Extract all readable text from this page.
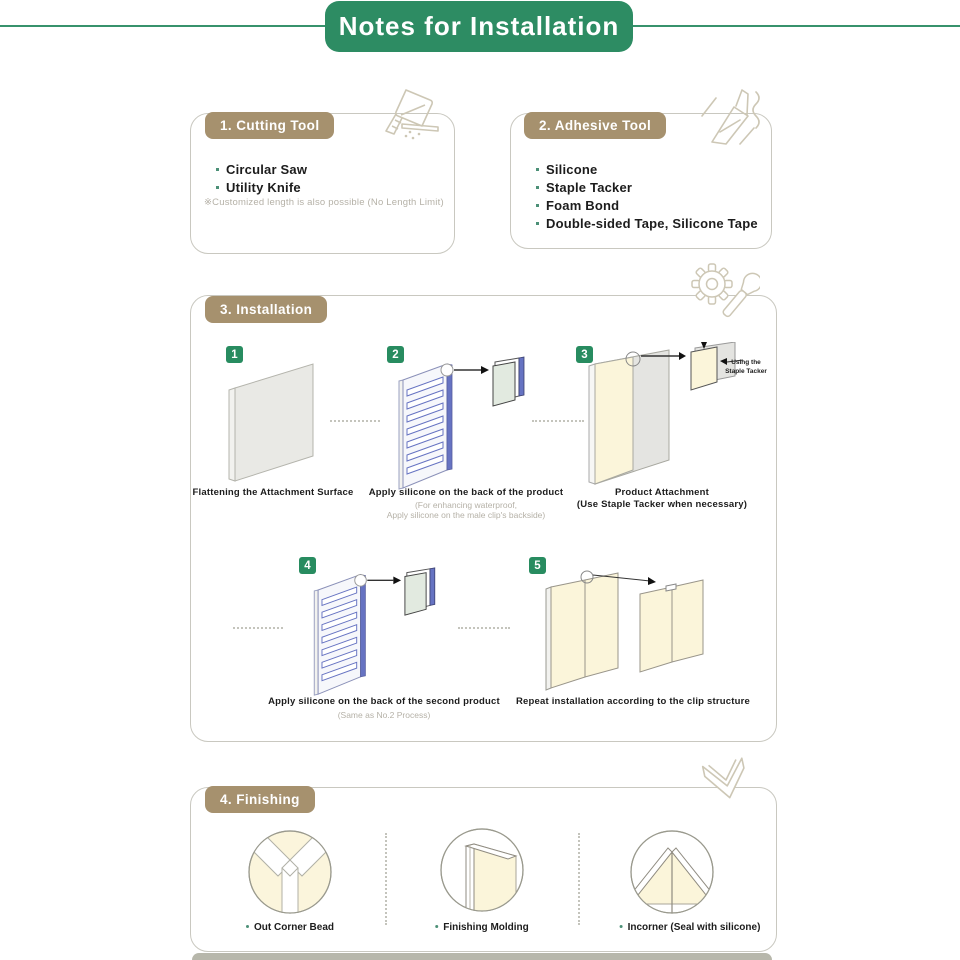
Notes for Installation
1. Cutting Tool
Circular Saw
Utility Knife
※Customized length is also possible (No Length Limit)
2. Adhesive Tool
Silicone
Staple Tacker
Foam Bond
Double-sided Tape, Silicone Tape
3. Installation
1	2	3
4	5
Using the
Staple Tacker
Flattening the Attachment Surface Apply silicone on the back of the product
(For enhancing waterproof,
Apply silicone on the male clip's backside)
Product Attachment
(Use Staple Tacker when necessary)
Apply silicone on the back of the second product
(Same as No.2 Process)
Repeat installation according to the clip structure
4. Finishing
Out Corner Bead	Finishing Molding	Incorner (Seal with silicone)
